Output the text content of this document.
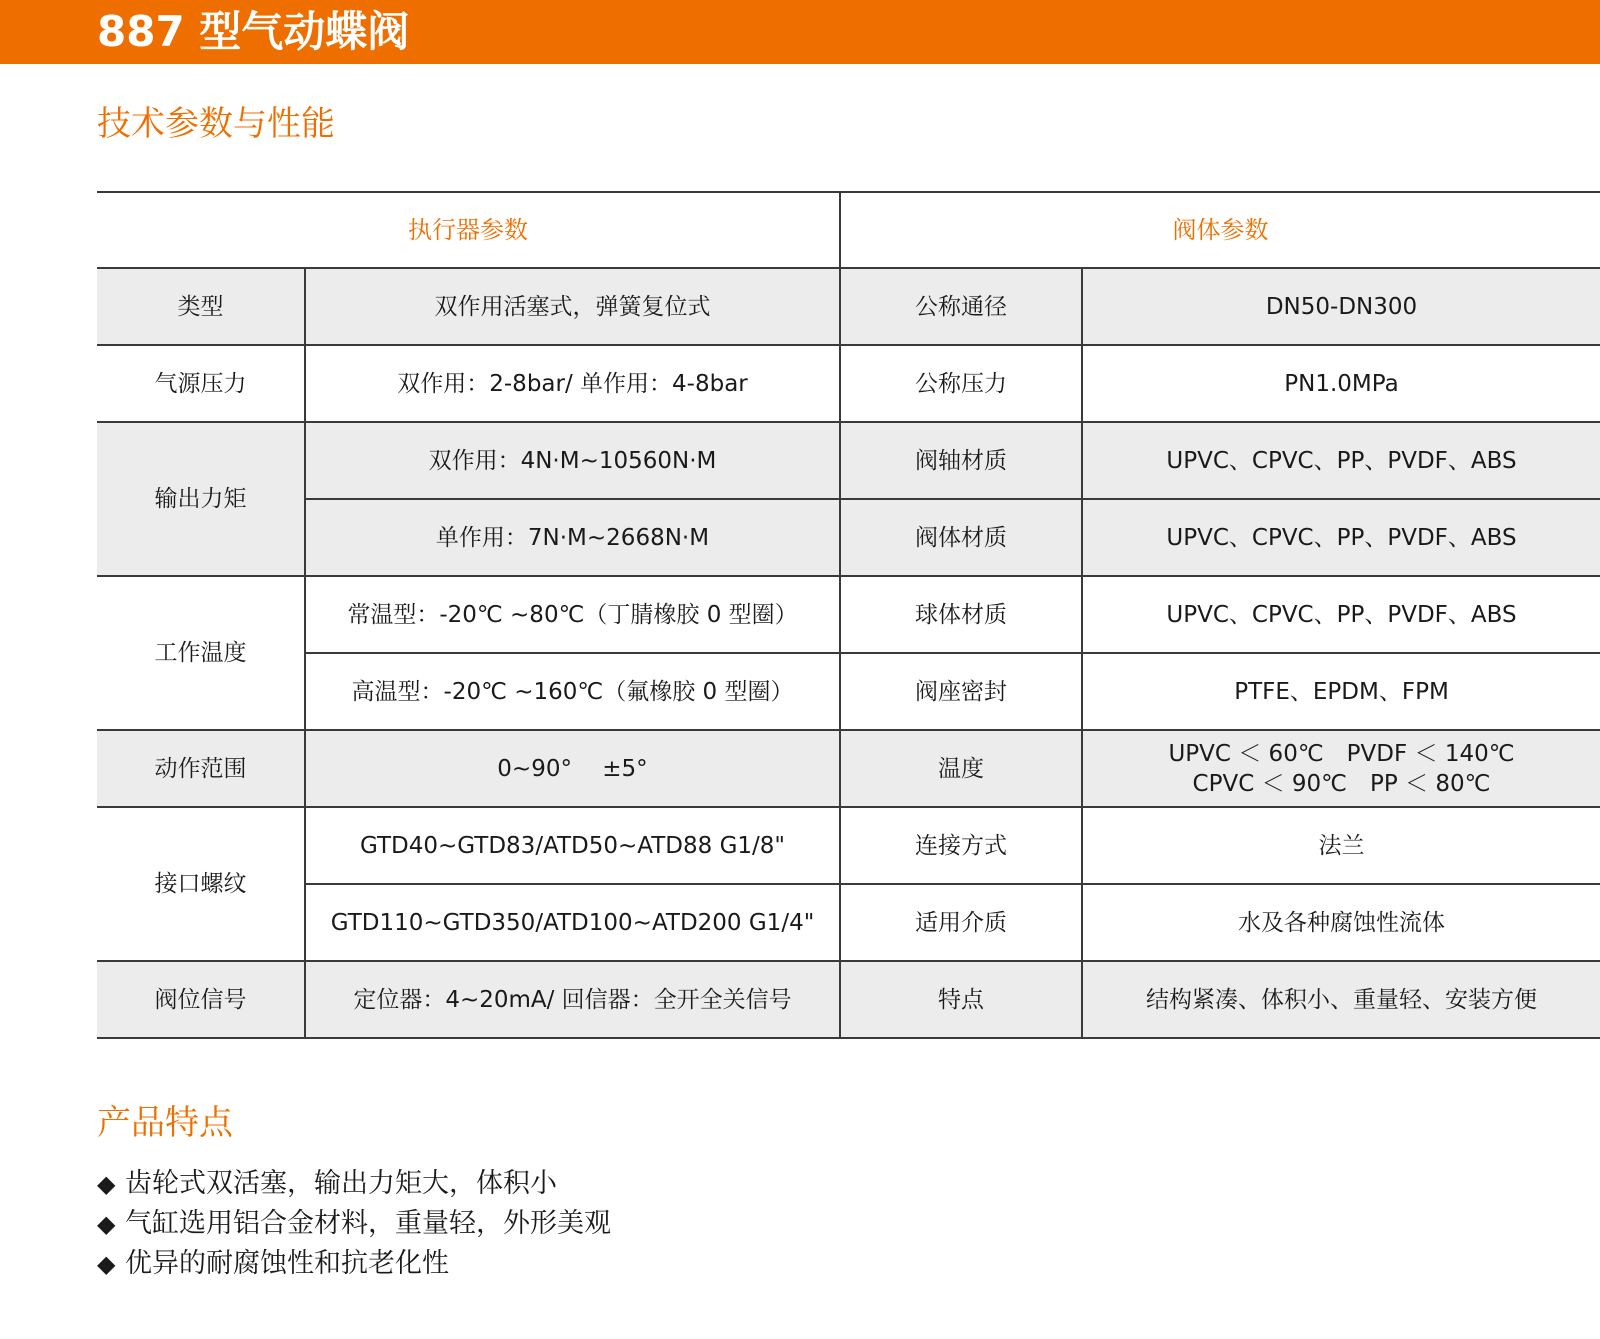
887 型气动蝶阀
技术参数与性能
执行器参数		阀体参数	
类型	双作用活塞式，弹簧复位式	公称通径	DN50-DN300
气源压力	双作用：2-8bar/ 单作用：4-8bar	公称压力	PN1.0MPa
输出力矩	双作用：4N·M~10560N·M	阀轴材质	UPVC、CPVC、PP、PVDF、ABS
	单作用：7N·M~2668N·M	阀体材质	UPVC、CPVC、PP、PVDF、ABS
工作温度	常温型：-20℃ ~80℃（丁腈橡胶 0 型圈）	球体材质	UPVC、CPVC、PP、PVDF、ABS
	高温型：-20℃ ~160℃（氟橡胶 0 型圈）	阀座密封	PTFE、EPDM、FPM
动作范围	0~90°　 ±5°	温度	UPVC ＜ 60℃　PVDF ＜ 140℃
CPVC ＜ 90℃　PP ＜ 80℃

接口螺纹	GTD40~GTD83/ATD50~ATD88 G1/8"	连接方式	法兰
	GTD110~GTD350/ATD100~ATD200 G1/4"	适用介质	水及各种腐蚀性流体
阀位信号	定位器：4~20mA/ 回信器：全开全关信号	特点	结构紧凑、体积小、重量轻、安装方便
产品特点
◆ 齿轮式双活塞，输出力矩大，体积小
◆ 气缸选用铝合金材料，重量轻，外形美观
◆ 优异的耐腐蚀性和抗老化性
